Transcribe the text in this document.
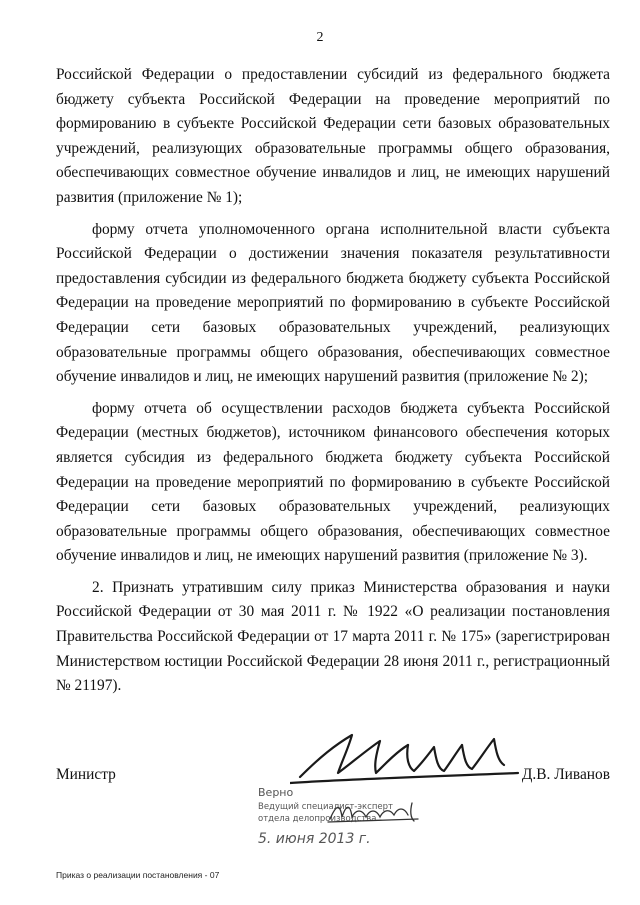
2

Российской Федерации о предоставлении субсидий из федерального бюджета бюджету субъекта Российской Федерации на проведение мероприятий по формированию в субъекте Российской Федерации сети базовых образовательных учреждений, реализующих образовательные программы общего образования, обеспечивающих совместное обучение инвалидов и лиц, не имеющих нарушений развития (приложение № 1);

форму отчета уполномоченного органа исполнительной власти субъекта Российской Федерации о достижении значения показателя результативности предоставления субсидии из федерального бюджета бюджету субъекта Российской Федерации на проведение мероприятий по формированию в субъекте Российской Федерации сети базовых образовательных учреждений, реализующих образовательные программы общего образования, обеспечивающих совместное обучение инвалидов и лиц, не имеющих нарушений развития (приложение № 2);

форму отчета об осуществлении расходов бюджета субъекта Российской Федерации (местных бюджетов), источником финансового обеспечения которых является субсидия из федерального бюджета бюджету субъекта Российской Федерации на проведение мероприятий по формированию в субъекте Российской Федерации сети базовых образовательных учреждений, реализующих образовательные программы общего образования, обеспечивающих совместное обучение инвалидов и лиц, не имеющих нарушений развития (приложение № 3).

2. Признать утратившим силу приказ Министерства образования и науки Российской Федерации от 30 мая 2011 г. № 1922 «О реализации постановления Правительства Российской Федерации от 17 марта 2011 г. № 175» (зарегистрирован Министерством юстиции Российской Федерации 28 июня 2011 г., регистрационный № 21197).

Министр	Д.В. Ливанов
Верно
Ведущий специалист-эксперт
отдела делопроизводства
5. июня 2013 г.
Приказ о реализации постановления - 07
